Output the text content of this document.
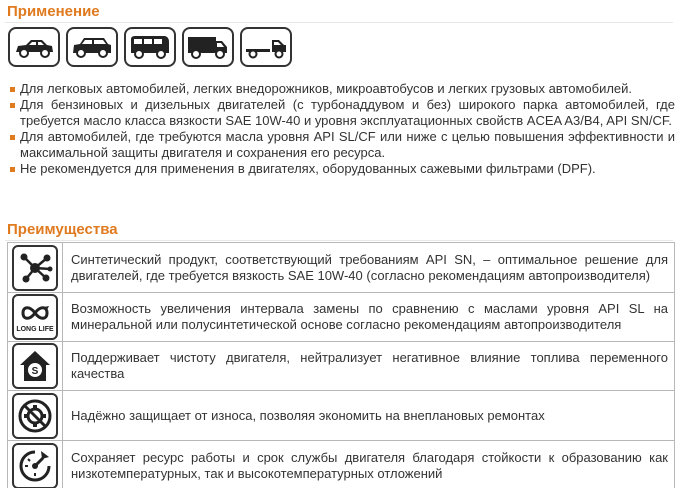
Применение
Для легковых автомобилей, легких внедорожников, микроавтобусов и легких грузовых автомобилей.
Для бензиновых и дизельных двигателей (с турбонаддувом и без) широкого парка автомобилей, где требуется масло класса вязкости SAE 10W-40 и уровня эксплуатационных свойств ACEA A3/B4, API SN/CF.
Для автомобилей, где требуются масла уровня API SL/CF или ниже с целью повышения эффективности и максимальной защиты двигателя и сохранения его ресурса.
Не рекомендуется для применения в двигателях, оборудованных сажевыми фильтрами (DPF).
Преимущества
Синтетический продукт, соответствующий требованиям API SN, – оптимальное решение для двигателей, где требуется вязкость SAE 10W-40 (согласно рекомендациям автопроизводителя)
LONG LIFE
Возможность увеличения интервала замены по сравнению с маслами уровня API SL на минеральной или полусинтетической основе согласно рекомендациям автопроизводителя
S
Поддерживает чистоту двигателя, нейтрализует негативное влияние топлива переменного качества
Надёжно защищает от износа, позволяя экономить на внеплановых ремонтах
Сохраняет ресурс работы и срок службы двигателя благодаря стойкости к образованию как низкотемпературных, так и высокотемпературных отложений
